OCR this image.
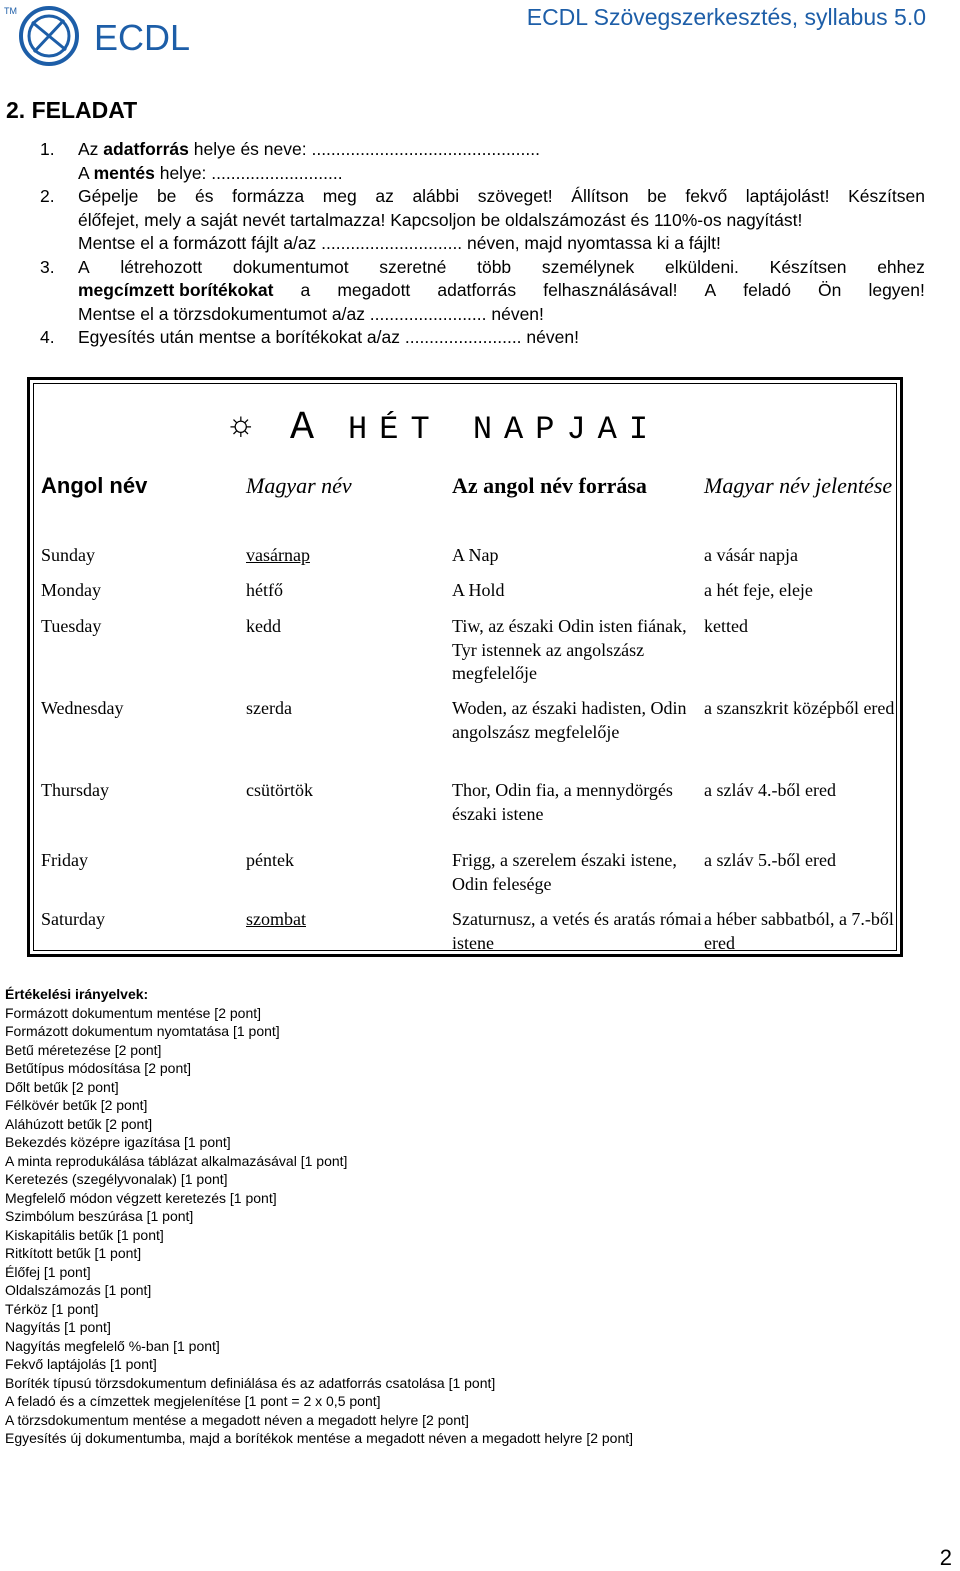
TM
ECDL	ECDL Szövegszerkesztés, syllabus 5.0
2. FELADAT
1. Az adatforrás helye és neve: ...............................................
A mentés helye: ...........................
2.	Gépelje be és formázza meg az alábbi szöveget! Állítson be fekvő laptájolást! Készítsen
élőfejet, mely a saját nevét tartalmazza! Kapcsoljon be oldalszámozást és 110%-os nagyítást!
Mentse el a formázott fájlt a/az ............................. néven, majd nyomtassa ki a fájlt!
3.	A létrehozott dokumentumot szeretné több személynek elküldeni. Készítsen ehhez
megcímzett borítékokat a megadott adatforrás felhasználásával! A feladó Ön legyen!
Mentse el a törzsdokumentumot a/az ........................ néven!
4. Egyesítés után mentse a borítékokat a/az ........................ néven!
☼ A HÉT NAPJAI
Angol név	Magyar név	Az angol név forrása	Magyar név jelentése
Sunday	vasárnap	A Nap	a vásár napja
Monday	hétfő	A Hold	a hét feje, eleje
Tuesday	kedd	Tiw, az északi Odin isten fiának, Tyr istennek az angolszász megfelelője	ketted
Wednesday	szerda	Woden, az északi hadisten, Odin angolszász megfelelője	a szanszkrit középből ered
Thursday	csütörtök	Thor, Odin fia, a mennydörgés északi istene	a szláv 4.-ből ered
Friday	péntek	Frigg, a szerelem északi istene, Odin felesége	a szláv 5.-ből ered
Saturday	szombat	Szaturnusz, a vetés és aratás római istene	a héber sabbatból, a 7.-ből ered
Értékelési irányelvek:
Formázott dokumentum mentése [2 pont]
Formázott dokumentum nyomtatása [1 pont]
Betű méretezése [2 pont]
Betűtípus módosítása [2 pont]
Dőlt betűk [2 pont]
Félkövér betűk [2 pont]
Aláhúzott betűk [2 pont]
Bekezdés középre igazítása [1 pont]
A minta reprodukálása táblázat alkalmazásával [1 pont]
Keretezés (szegélyvonalak) [1 pont]
Megfelelő módon végzett keretezés [1 pont]
Szimbólum beszúrása [1 pont]
Kiskapitális betűk [1 pont]
Ritkított betűk [1 pont]
Élőfej [1 pont]
Oldalszámozás [1 pont]
Térköz [1 pont]
Nagyítás [1 pont]
Nagyítás megfelelő %-ban [1 pont]
Fekvő laptájolás [1 pont]
Boríték típusú törzsdokumentum definiálása és az adatforrás csatolása [1 pont]
A feladó és a címzettek megjelenítése [1 pont = 2 x 0,5 pont]
A törzsdokumentum mentése a megadott néven a megadott helyre [2 pont]
Egyesítés új dokumentumba, majd a borítékok mentése a megadott néven a megadott helyre [2 pont]
2
